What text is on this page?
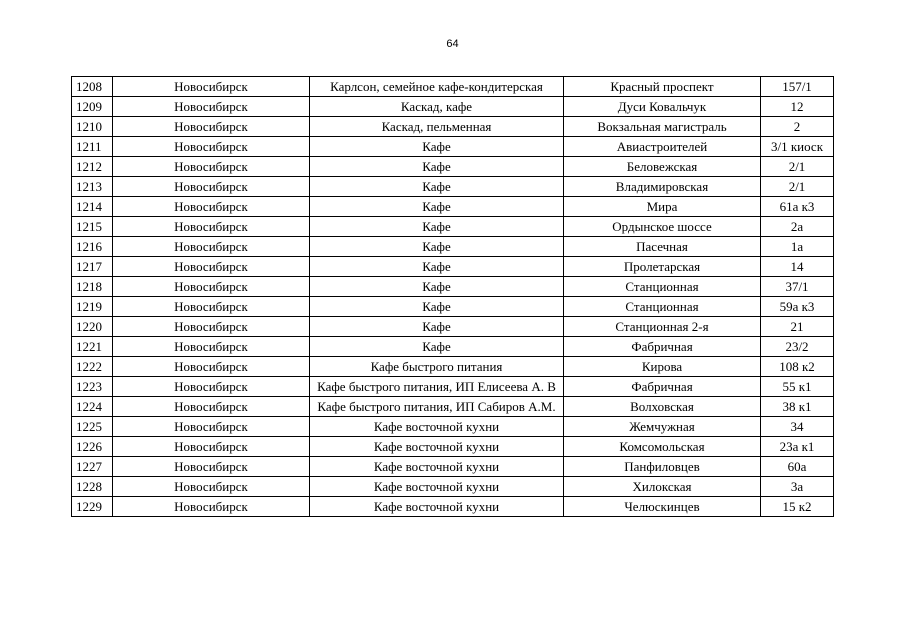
64
1208	Новосибирск	Карлсон, семейное кафе-кондитерская	Красный проспект	157/1
1209	Новосибирск	Каскад, кафе	Дуси Ковальчук	12
1210	Новосибирск	Каскад, пельменная	Вокзальная магистраль	2
1211	Новосибирск	Кафе	Авиастроителей	3/1 киоск
1212	Новосибирск	Кафе	Беловежская	2/1
1213	Новосибирск	Кафе	Владимировская	2/1
1214	Новосибирск	Кафе	Мира	61а к3
1215	Новосибирск	Кафе	Ордынское шоссе	2а
1216	Новосибирск	Кафе	Пасечная	1а
1217	Новосибирск	Кафе	Пролетарская	14
1218	Новосибирск	Кафе	Станционная	37/1
1219	Новосибирск	Кафе	Станционная	59а к3
1220	Новосибирск	Кафе	Станционная 2-я	21
1221	Новосибирск	Кафе	Фабричная	23/2
1222	Новосибирск	Кафе быстрого питания	Кирова	108 к2
1223	Новосибирск	Кафе быстрого питания, ИП Елисеева А. В	Фабричная	55 к1
1224	Новосибирск	Кафе быстрого питания, ИП Сабиров А.М.	Волховская	38 к1
1225	Новосибирск	Кафе восточной кухни	Жемчужная	34
1226	Новосибирск	Кафе восточной кухни	Комсомольская	23а к1
1227	Новосибирск	Кафе восточной кухни	Панфиловцев	60а
1228	Новосибирск	Кафе восточной кухни	Хилокская	3а
1229	Новосибирск	Кафе восточной кухни	Челюскинцев	15 к2
